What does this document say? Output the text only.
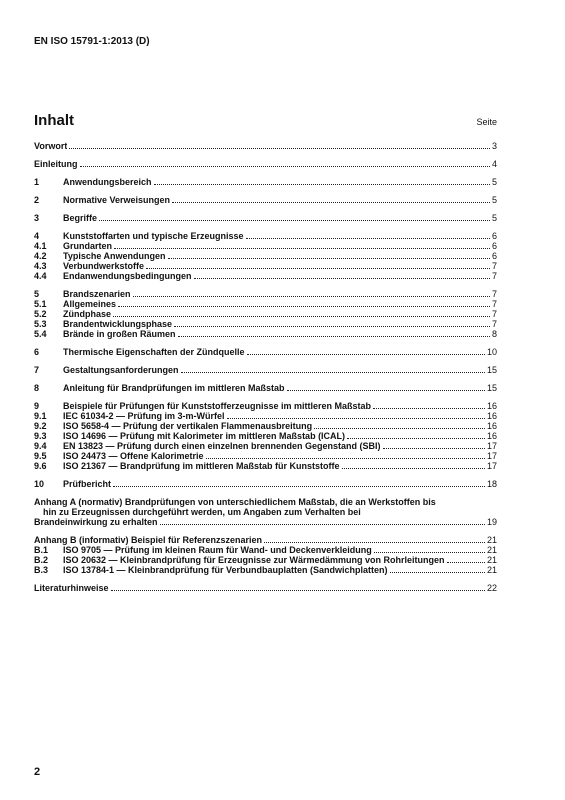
EN ISO 15791-1:2013 (D)
Inhalt	Seite
Vorwort	3
Einleitung	4
1	Anwendungsbereich	5
2	Normative Verweisungen	5
3	Begriffe	5
4	Kunststoffarten und typische Erzeugnisse	6
4.1	Grundarten	6
4.2	Typische Anwendungen	6
4.3	Verbundwerkstoffe	7
4.4	Endanwendungsbedingungen	7
5	Brandszenarien	7
5.1	Allgemeines	7
5.2	Zündphase	7
5.3	Brandentwicklungsphase	7
5.4	Brände in großen Räumen	8
6	Thermische Eigenschaften der Zündquelle	10
7	Gestaltungsanforderungen	15
8	Anleitung für Brandprüfungen im mittleren Maßstab	15
9	Beispiele für Prüfungen für Kunststofferzeugnisse im mittleren Maßstab	16
9.1	IEC 61034-2 — Prüfung im 3-m-Würfel	16
9.2	ISO 5658-4 — Prüfung der vertikalen Flammenausbreitung	16
9.3	ISO 14696 — Prüfung mit Kalorimeter im mittleren Maßstab (ICAL)	16
9.4	EN 13823 — Prüfung durch einen einzelnen brennenden Gegenstand (SBI)	17
9.5	ISO 24473 — Offene Kalorimetrie	17
9.6	ISO 21367 — Brandprüfung im mittleren Maßstab für Kunststoffe	17
10	Prüfbericht	18
Anhang A (normativ) Brandprüfungen von unterschiedlichem Maßstab, die an Werkstoffen bis
hin zu Erzeugnissen durchgeführt werden, um Angaben zum Verhalten bei
Brandeinwirkung zu erhalten	19
Anhang B (informativ) Beispiel für Referenzszenarien	21
B.1	ISO 9705 — Prüfung im kleinen Raum für Wand- und Deckenverkleidung	21
B.2	ISO 20632 — Kleinbrandprüfung für Erzeugnisse zur Wärmedämmung von Rohrleitungen	21
B.3	ISO 13784-1 — Kleinbrandprüfung für Verbundbauplatten (Sandwichplatten)	21
Literaturhinweise	22
2
